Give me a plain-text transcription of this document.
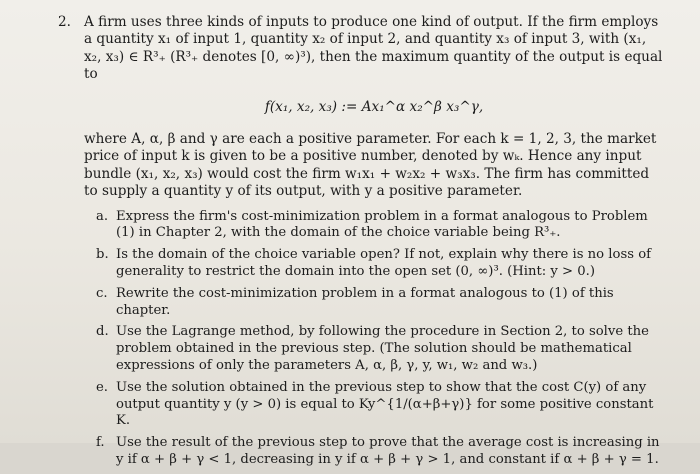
2. A firm uses three kinds of inputs to produce one kind of output. If the firm employs a quantity x₁ of input 1, quantity x₂ of input 2, and quantity x₃ of input 3, with (x₁, x₂, x₃) ∈ R³₊ (R³₊ denotes [0, ∞)³), then the maximum quantity of the output is equal to

f(x₁, x₂, x₃) := Ax₁^α x₂^β x₃^γ,

where A, α, β and γ are each a positive parameter. For each k = 1, 2, 3, the market price of input k is given to be a positive number, denoted by wₖ. Hence any input bundle (x₁, x₂, x₃) would cost the firm w₁x₁ + w₂x₂ + w₃x₃. The firm has committed to supply a quantity y of its output, with y a positive parameter.

a. Express the firm's cost-minimization problem in a format analogous to Problem (1) in Chapter 2, with the domain of the choice variable being R³₊.
b. Is the domain of the choice variable open? If not, explain why there is no loss of generality to restrict the domain into the open set (0, ∞)³. (Hint: y > 0.)
c. Rewrite the cost-minimization problem in a format analogous to (1) of this chapter.
d. Use the Lagrange method, by following the procedure in Section 2, to solve the problem obtained in the previous step. (The solution should be mathematical expressions of only the parameters A, α, β, γ, y, w₁, w₂ and w₃.)
e. Use the solution obtained in the previous step to show that the cost C(y) of any output quantity y (y > 0) is equal to Ky^{1/(α+β+γ)} for some positive constant K.
f. Use the result of the previous step to prove that the average cost is increasing in y if α + β + γ < 1, decreasing in y if α + β + γ > 1, and constant if α + β + γ = 1.
